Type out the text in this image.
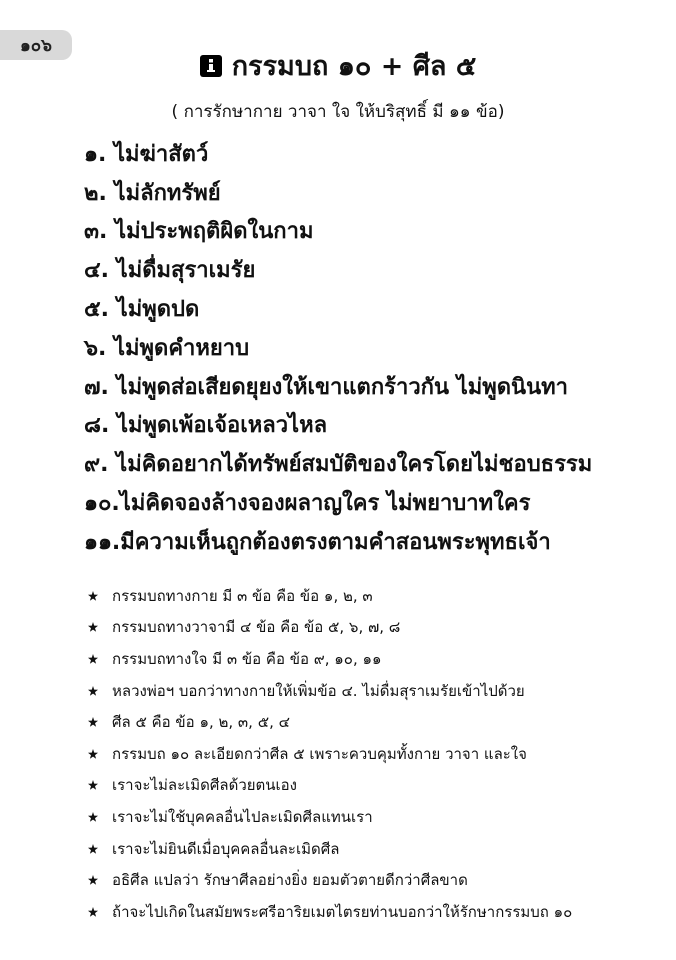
๑๐๖
กรรมบถ ๑๐ + ศีล ๕
( การรักษากาย วาจา ใจ ให้บริสุทธิ์ มี ๑๑ ข้อ)
๑. ไม่ฆ่าสัตว์
๒. ไม่ลักทรัพย์
๓. ไม่ประพฤติผิดในกาม
๔. ไม่ดื่มสุราเมรัย
๕. ไม่พูดปด
๖. ไม่พูดคำหยาบ
๗. ไม่พูดส่อเสียดยุยงให้เขาแตกร้าวกัน ไม่พูดนินทา
๘. ไม่พูดเพ้อเจ้อเหลวไหล
๙. ไม่คิดอยากได้ทรัพย์สมบัติของใครโดยไม่ชอบธรรม
๑๐.ไม่คิดจองล้างจองผลาญใคร ไม่พยาบาทใคร
๑๑.มีความเห็นถูกต้องตรงตามคำสอนพระพุทธเจ้า
กรรมบถทางกาย มี ๓ ข้อ คือ ข้อ ๑, ๒, ๓
กรรมบถทางวาจามี ๔ ข้อ คือ ข้อ ๕, ๖, ๗, ๘
กรรมบถทางใจ มี ๓ ข้อ คือ ข้อ ๙, ๑๐, ๑๑
หลวงพ่อฯ บอกว่าทางกายให้เพิ่มข้อ ๔. ไม่ดื่มสุราเมรัยเข้าไปด้วย
ศีล ๕ คือ ข้อ ๑, ๒, ๓, ๕, ๔
กรรมบถ ๑๐ ละเอียดกว่าศีล ๕ เพราะควบคุมทั้งกาย วาจา และใจ
เราจะไม่ละเมิดศีลด้วยตนเอง
เราจะไม่ใช้บุคคลอื่นไปละเมิดศีลแทนเรา
เราจะไม่ยินดีเมื่อบุคคลอื่นละเมิดศีล
อธิศีล แปลว่า รักษาศีลอย่างยิ่ง ยอมตัวตายดีกว่าศีลขาด
ถ้าจะไปเกิดในสมัยพระศรีอาริยเมตไตรยท่านบอกว่าให้รักษากรรมบถ ๑๐
